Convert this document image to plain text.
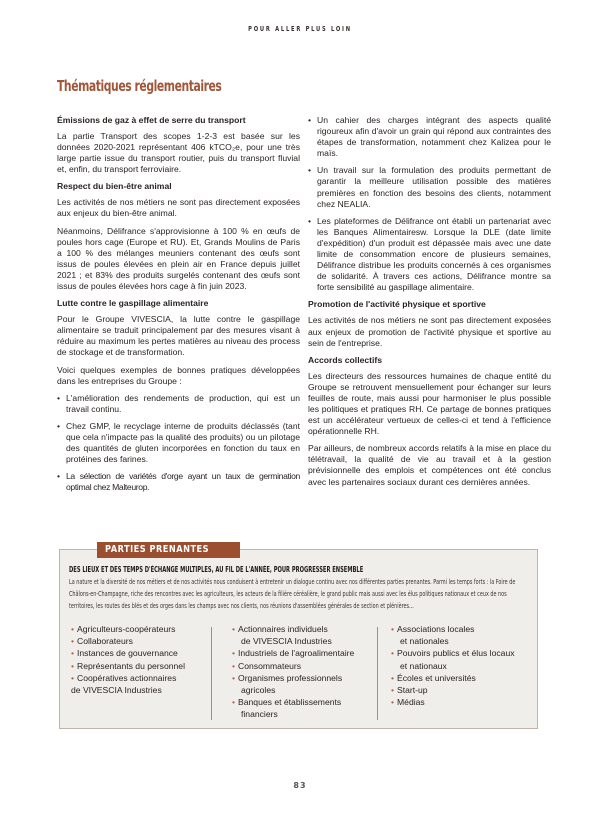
POUR ALLER PLUS LOIN
Thématiques réglementaires
Émissions de gaz à effet de serre du transport

La partie Transport des scopes 1-2-3 est basée sur les données 2020-2021 représentant 406 kTCO₂e, pour une très large partie issue du transport routier, puis du transport fluvial et, enfin, du transport ferroviaire.

Respect du bien-être animal

Les activités de nos métiers ne sont pas directement exposées aux enjeux du bien-être animal.

Néanmoins, Délifrance s'approvisionne à 100 % en œufs de poules hors cage (Europe et RU). Et, Grands Moulins de Paris a 100 % des mélanges meuniers contenant des œufs sont issus de poules élevées en plein air en France depuis juillet 2021 ; et 83% des produits surgelés contenant des œufs sont issus de poules élevées hors cage à fin juin 2023.

Lutte contre le gaspillage alimentaire

Pour le Groupe VIVESCIA, la lutte contre le gaspillage alimentaire se traduit principalement par des mesures visant à réduire au maximum les pertes matières au niveau des process de stockage et de transformation.

Voici quelques exemples de bonnes pratiques développées dans les entreprises du Groupe :

• L'amélioration des rendements de production, qui est un travail continu.
• Chez GMP, le recyclage interne de produits déclassés (tant que cela n'impacte pas la qualité des produits) ou un pilotage des quantités de gluten incorporées en fonction du taux en protéines des farines.
• La sélection de variétés d'orge ayant un taux de germination optimal chez Malteurop.
• Un cahier des charges intégrant des aspects qualité rigoureux afin d'avoir un grain qui répond aux contraintes des étapes de transformation, notamment chez Kalizea pour le maïs.
• Un travail sur la formulation des produits permettant de garantir la meilleure utilisation possible des matières premières en fonction des besoins des clients, notamment chez NEALIA.
• Les plateformes de Délifrance ont établi un partenariat avec les Banques Alimentairesw. Lorsque la DLE (date limite d'expédition) d'un produit est dépassée mais avec une date limite de consommation encore de plusieurs semaines, Délifrance distribue les produits concernés à ces organismes de solidarité. À travers ces actions, Délifrance montre sa forte sensibilité au gaspillage alimentaire.
Promotion de l'activité physique et sportive

Les activités de nos métiers ne sont pas directement exposées aux enjeux de promotion de l'activité physique et sportive au sein de l'entreprise.

Accords collectifs

Les directeurs des ressources humaines de chaque entité du Groupe se retrouvent mensuellement pour échanger sur leurs feuilles de route, mais aussi pour harmoniser le plus possible les politiques et pratiques RH. Ce partage de bonnes pratiques est un accélérateur vertueux de celles-ci et tend à l'efficience opérationnelle RH.

Par ailleurs, de nombreux accords relatifs à la mise en place du télétravail, la qualité de vie au travail et à la gestion prévisionnelle des emplois et compétences ont été conclus avec les partenaires sociaux durant ces dernières années.

PARTIES PRENANTES
DES LIEUX ET DES TEMPS D'ÉCHANGE MULTIPLES, AU FIL DE L'ANNÉE, POUR PROGRESSER ENSEMBLE
La nature et la diversité de nos métiers et de nos activités nous conduisent à entretenir un dialogue continu avec nos différentes parties prenantes. Parmi les temps forts : la Foire de Châlons-en-Champagne, riche des rencontres avec les agriculteurs, les acteurs de la filière céréalière, le grand public mais aussi avec les élus politiques nationaux et ceux de nos territoires, les routes des blés et des orges dans les champs avec nos clients, nos réunions d'assemblées générales de section et plénières...
• Agriculteurs-coopérateurs
• Collaborateurs
• Instances de gouvernance
• Représentants du personnel
• Coopératives actionnaires
de VIVESCIA Industries
• Actionnaires individuels
de VIVESCIA Industries
• Industriels de l'agroalimentaire
• Consommateurs
• Organismes professionnels
agricoles
• Banques et établissements
financiers
• Associations locales
et nationales
• Pouvoirs publics et élus locaux
et nationaux
• Écoles et universités
• Start-up
• Médias
83
